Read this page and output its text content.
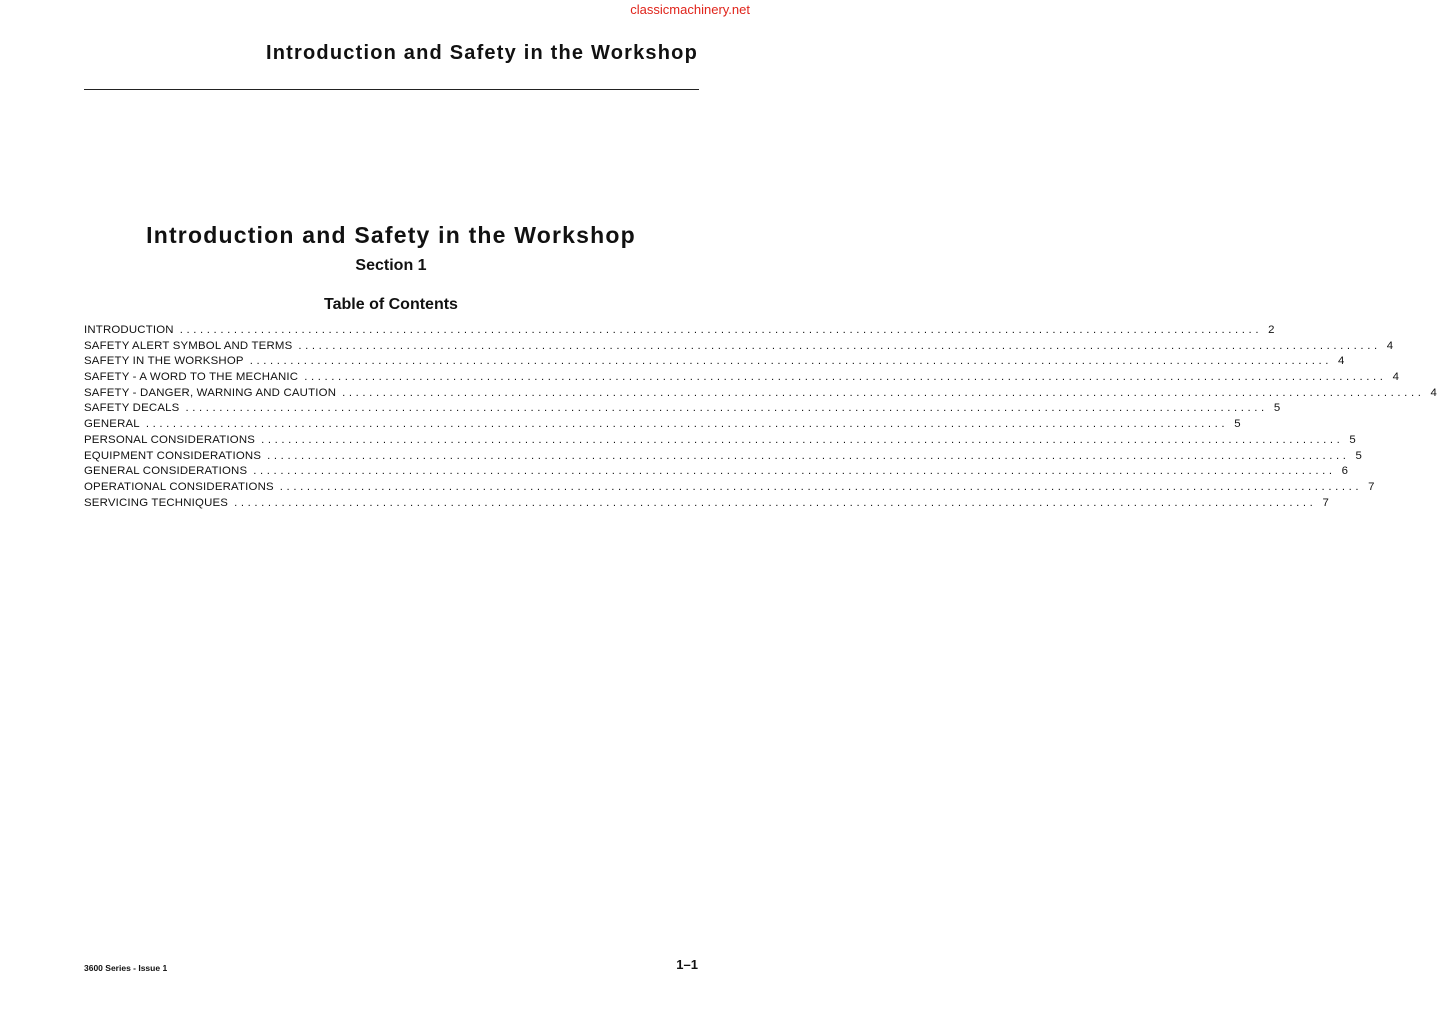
classicmachinery.net
Introduction and Safety in the Workshop
Introduction and Safety in the Workshop
Section 1
Table of Contents
INTRODUCTION ................................................................................................................................................................ 2
SAFETY ALERT SYMBOL AND TERMS ................................................................................................................................................................ 4
SAFETY IN THE WORKSHOP ................................................................................................................................................................ 4
SAFETY - A WORD TO THE MECHANIC ................................................................................................................................................................ 4
SAFETY - DANGER, WARNING AND CAUTION ................................................................................................................................................................ 4
SAFETY DECALS ................................................................................................................................................................ 5
GENERAL ................................................................................................................................................................ 5
PERSONAL CONSIDERATIONS ................................................................................................................................................................ 5
EQUIPMENT CONSIDERATIONS ................................................................................................................................................................ 5
GENERAL CONSIDERATIONS ................................................................................................................................................................ 6
OPERATIONAL CONSIDERATIONS ................................................................................................................................................................ 7
SERVICING TECHNIQUES ................................................................................................................................................................ 7
3600 Series - Issue 1	1–1
